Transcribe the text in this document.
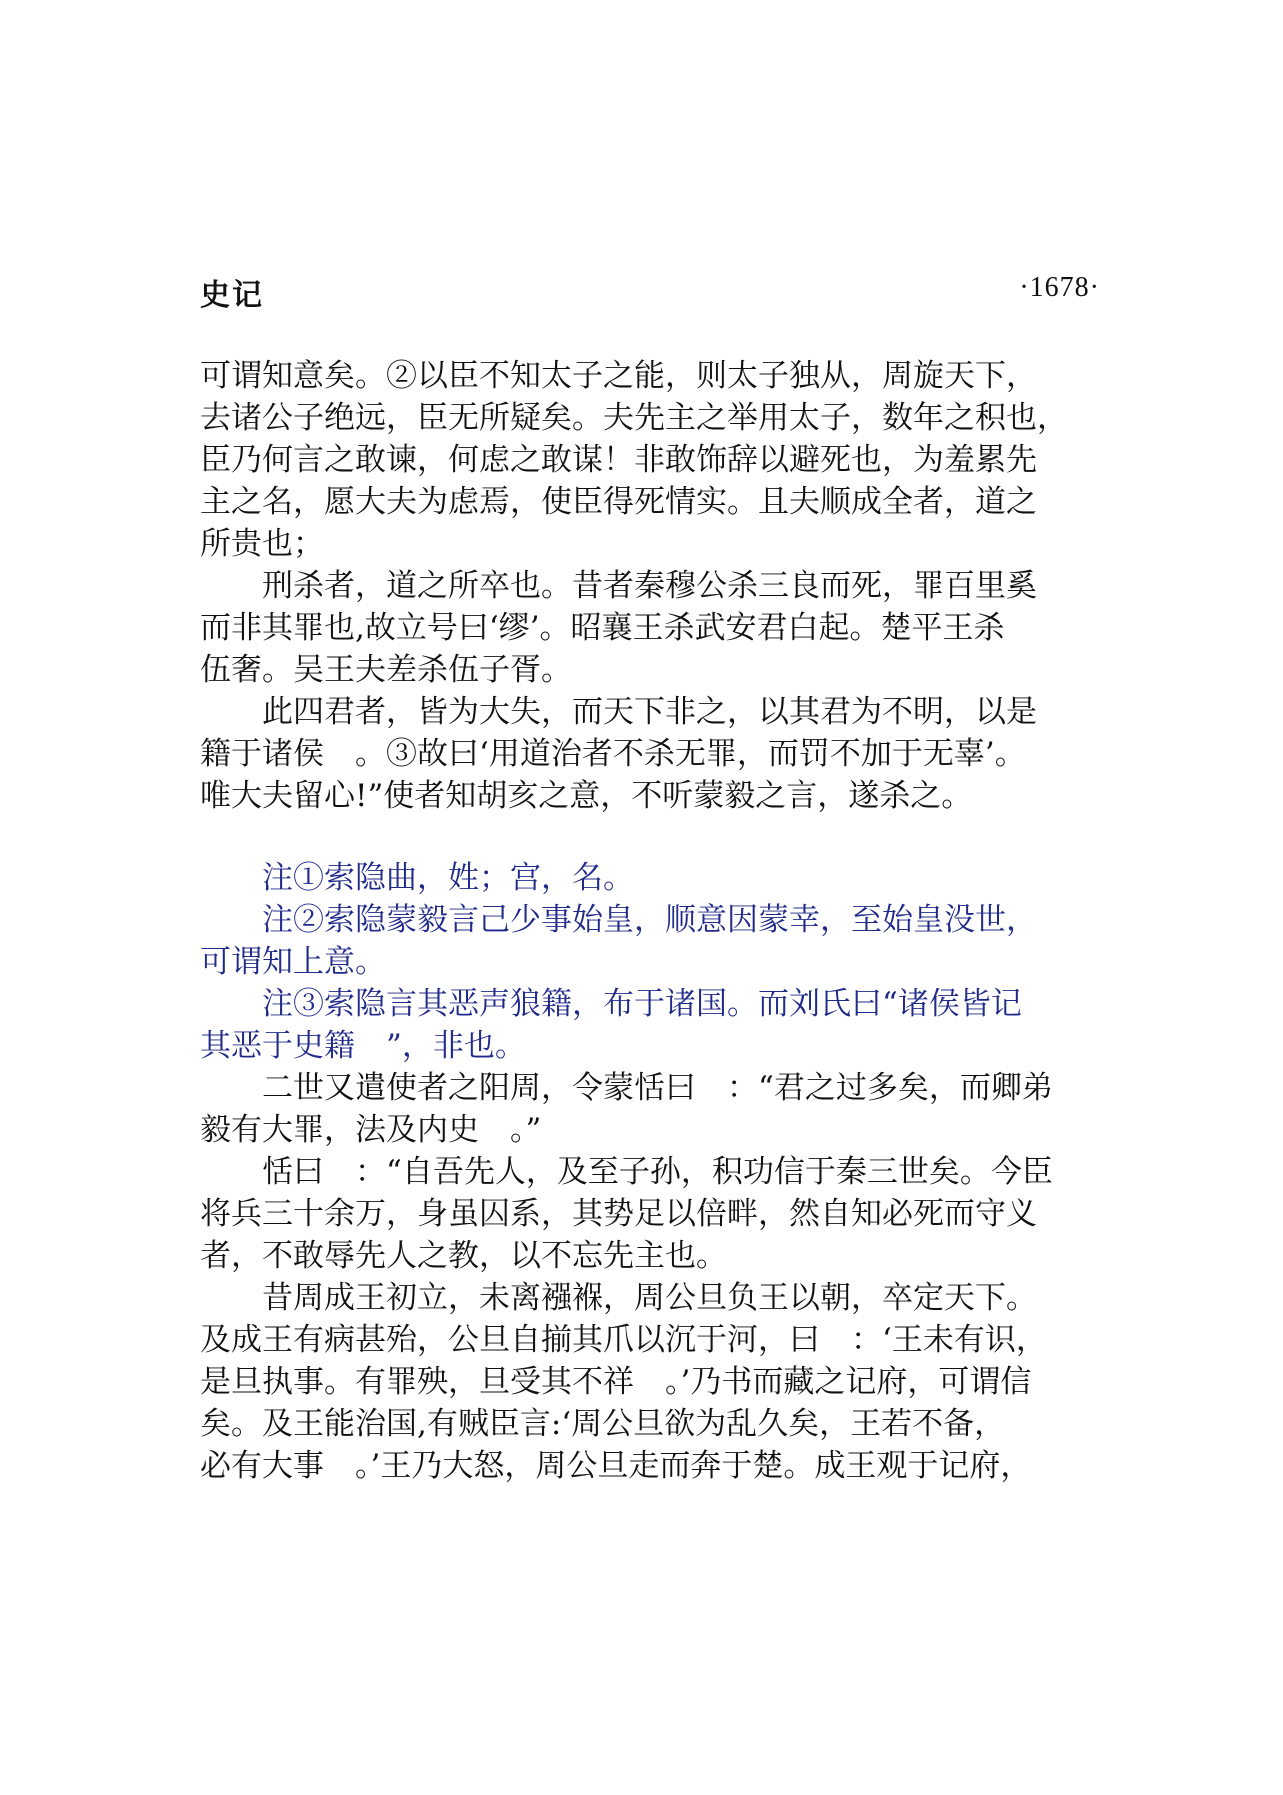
史记	·1678·
可谓知意矣。②以臣不知太子之能，则太子独从，周旋天下，
去诸公子绝远，臣无所疑矣。夫先主之举用太子，数年之积也，
臣乃何言之敢谏，何虑之敢谋！非敢饰辞以避死也，为羞累先
主之名，愿大夫为虑焉，使臣得死情实。且夫顺成全者，道之
所贵也；
　　刑杀者，道之所卒也。昔者秦穆公杀三良而死，罪百里奚
而非其罪也,故立号曰‘缪’。昭襄王杀武安君白起。楚平王杀
伍奢。吴王夫差杀伍子胥。
　　此四君者，皆为大失，而天下非之，以其君为不明，以是
籍于诸侯　。③故曰‘用道治者不杀无罪，而罚不加于无辜’。
唯大夫留心!”使者知胡亥之意，不听蒙毅之言，遂杀之。
　　注①索隐曲，姓；宫，名。
　　注②索隐蒙毅言己少事始皇，顺意因蒙幸，至始皇没世，
可谓知上意。
　　注③索隐言其恶声狼籍，布于诸国。而刘氏曰“诸侯皆记
其恶于史籍　”，非也。
　　二世又遣使者之阳周，令蒙恬曰　：“君之过多矣，而卿弟
毅有大罪，法及内史　。”
　　恬曰　：“自吾先人，及至子孙，积功信于秦三世矣。今臣
将兵三十余万，身虽囚系，其势足以倍畔，然自知必死而守义
者，不敢辱先人之教，以不忘先主也。
　　昔周成王初立，未离襁褓，周公旦负王以朝，卒定天下。
及成王有病甚殆，公旦自揃其爪以沉于河，曰　：‘王未有识，
是旦执事。有罪殃，旦受其不祥　。’乃书而藏之记府，可谓信
矣。及王能治国,有贼臣言:‘周公旦欲为乱久矣，王若不备，
必有大事　。’王乃大怒，周公旦走而奔于楚。成王观于记府，
